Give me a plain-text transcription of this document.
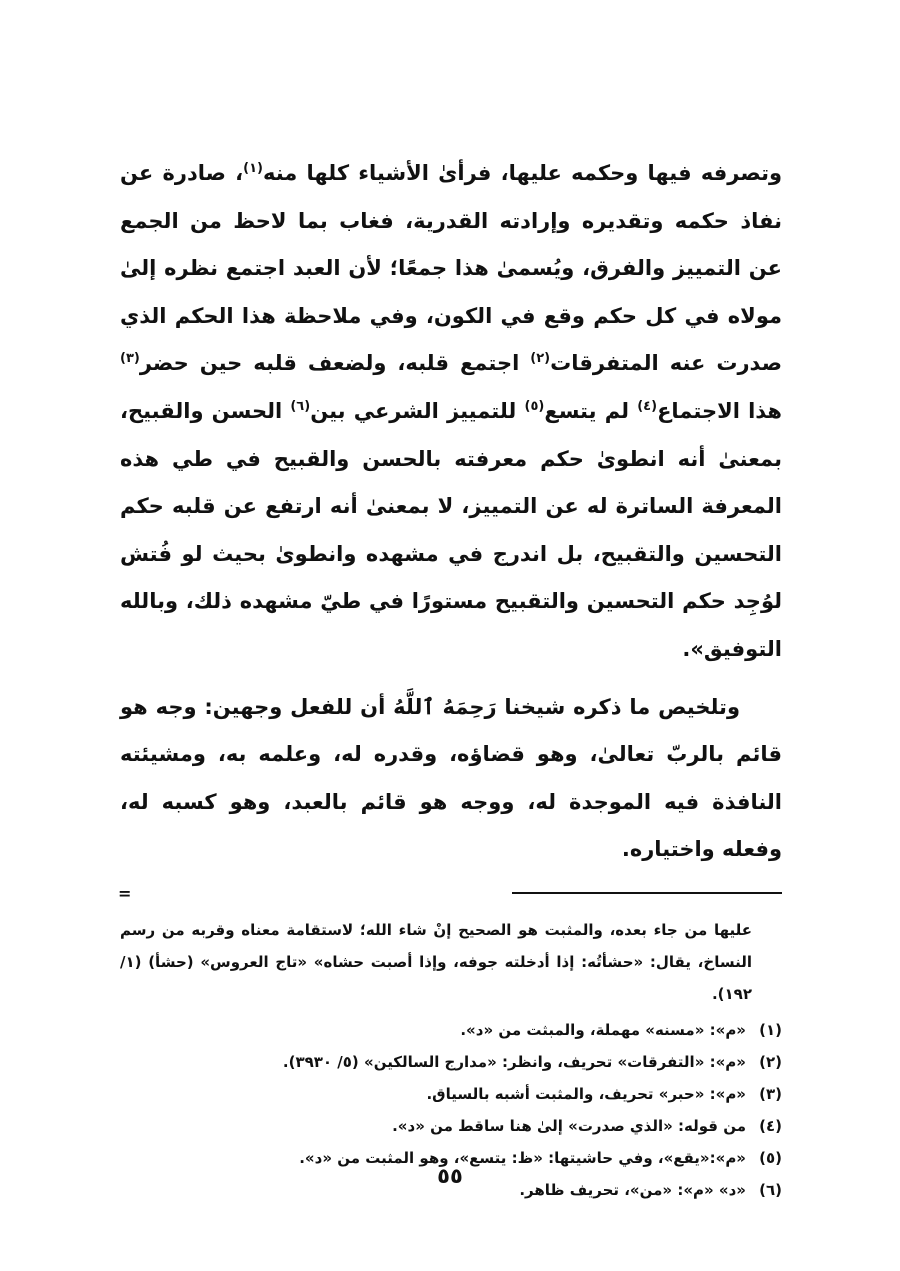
وتصرفه فيها وحكمه عليها، فرأىٰ الأشياء كلها منه$^{(١)}$، صادرة عن نفاذ حكمه وتقديره وإرادته القدرية، فغاب بما لاحظ من الجمع عن التمييز والفرق، ويُسمىٰ هذا جمعًا؛ لأن العبد اجتمع نظره إلىٰ مولاه في كل حكم وقع في الكون، وفي ملاحظة هذا الحكم الذي صدرت عنه المتفرقات$^{(٢)}$ اجتمع قلبه، ولضعف قلبه حين حضر$^{(٣)}$ هذا الاجتماع$^{(٤)}$ لم يتسع$^{(٥)}$ للتمييز الشرعي بين$^{(٦)}$ الحسن والقبيح، بمعنىٰ أنه انطوىٰ حكم معرفته بالحسن والقبيح في طي هذه المعرفة الساترة له عن التمييز، لا بمعنىٰ أنه ارتفع عن قلبه حكم التحسين والتقبيح، بل اندرج في مشهده وانطوىٰ بحيث لو فُتش لوُجِد حكم التحسين والتقبيح مستورًا في طيّ مشهده ذلك، وبالله التوفيق».

وتلخيص ما ذكره شيخنا رَحِمَهُ ٱللَّهُ أن للفعل وجهين: وجه هو قائم بالربّ تعالىٰ، وهو قضاؤه، وقدره له، وعلمه به، ومشيئته النافذة فيه الموجدة له، ووجه هو قائم بالعبد، وهو كسبه له، وفعله واختياره.

=

عليها من جاء بعده، والمثبت هو الصحيح إنْ شاء الله؛ لاستقامة معناه وقربه من رسم النساخ، يقال: «حشأتُه: إذا أدخلته جوفه، وإذا أصبت حشاه» «تاج العروس» (حشأ) (١/ ١٩٢).

(١)
«م»: «مسنه» مهملة، والمبثت من «د».
(٢)
«م»: «التفرقات» تحريف، وانظر: «مدارج السالكين» (٥/ ٣٩٣٠).
(٣)
«م»: «حبر» تحريف، والمثبت أشبه بالسياق.
(٤)
من قوله: «الذي صدرت» إلىٰ هنا ساقط من «د».
(٥)
«م»:«يقع»، وفي حاشيتها: «ظ: يتسع»، وهو المثبت من «د».
(٦)
«د» «م»: «من»، تحريف ظاهر.
٥٥
